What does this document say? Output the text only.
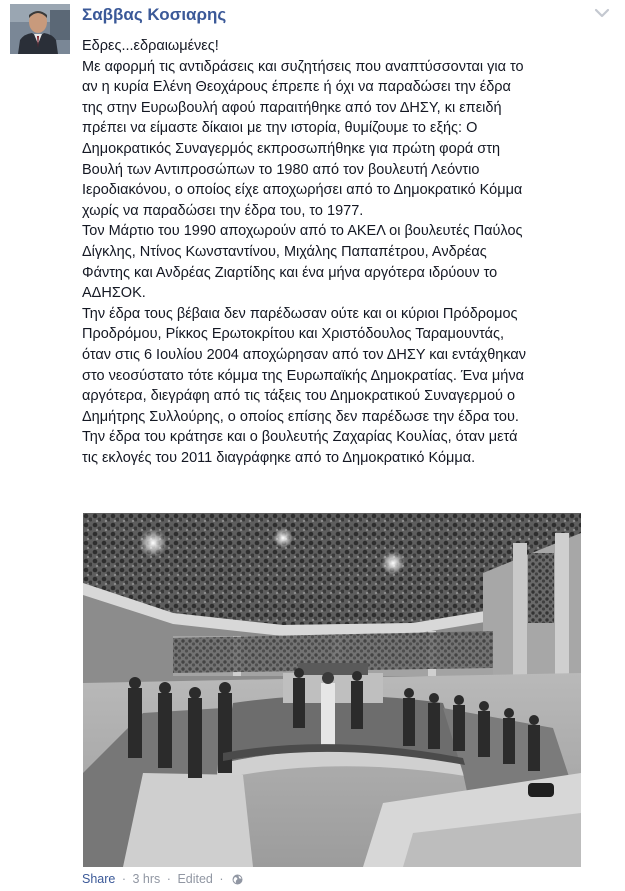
Σαββας Κοσιαρης

Εδρες...εδραιωμένες!

Με αφορμή τις αντιδράσεις και συζητήσεις που αναπτύσσονται για το

αν η κυρία Ελένη Θεοχάρους έπρεπε ή όχι να παραδώσει την έδρα

της στην Ευρωβουλή αφού παραιτήθηκε από τον ΔΗΣΥ, κι επειδή

πρέπει να είμαστε δίκαιοι με την ιστορία, θυμίζουμε το εξής: Ο

Δημοκρατικός Συναγερμός εκπροσωπήθηκε για πρώτη φορά στη

Βουλή των Αντιπροσώπων το 1980 από τον βουλευτή Λεόντιο

Ιεροδιακόνου, ο οποίος είχε αποχωρήσει από το Δημοκρατικό Κόμμα

χωρίς να παραδώσει την έδρα του, το 1977.

Τον Μάρτιο του 1990 αποχωρούν από το ΑΚΕΛ οι βουλευτές Παύλος

Δίγκλης, Ντίνος Κωνσταντίνου, Μιχάλης Παπαπέτρου, Ανδρέας

Φάντης και Ανδρέας Ζιαρτίδης και ένα μήνα αργότερα ιδρύουν το

ΑΔΗΣΟΚ.

Την έδρα τους βέβαια δεν παρέδωσαν ούτε και οι κύριοι Πρόδρομος

Προδρόμου, Ρίκκος Ερωτοκρίτου και Χριστόδουλος Ταραμουντάς,

όταν στις 6 Ιουλίου 2004 αποχώρησαν από τον ΔΗΣΥ και εντάχθηκαν

στο νεοσύστατο τότε κόμμα της Ευρωπαϊκής Δημοκρατίας. Ένα μήνα

αργότερα, διεγράφη από τις τάξεις του Δημοκρατικού Συναγερμού ο

Δημήτρης Συλλούρης, ο οποίος επίσης δεν παρέδωσε την έδρα του.

Την έδρα του κράτησε και ο βουλευτής Ζαχαρίας Κουλίας, όταν μετά

τις εκλογές του 2011 διαγράφηκε από το Δημοκρατικό Κόμμα.

Share · 3 hrs · Edited ·
